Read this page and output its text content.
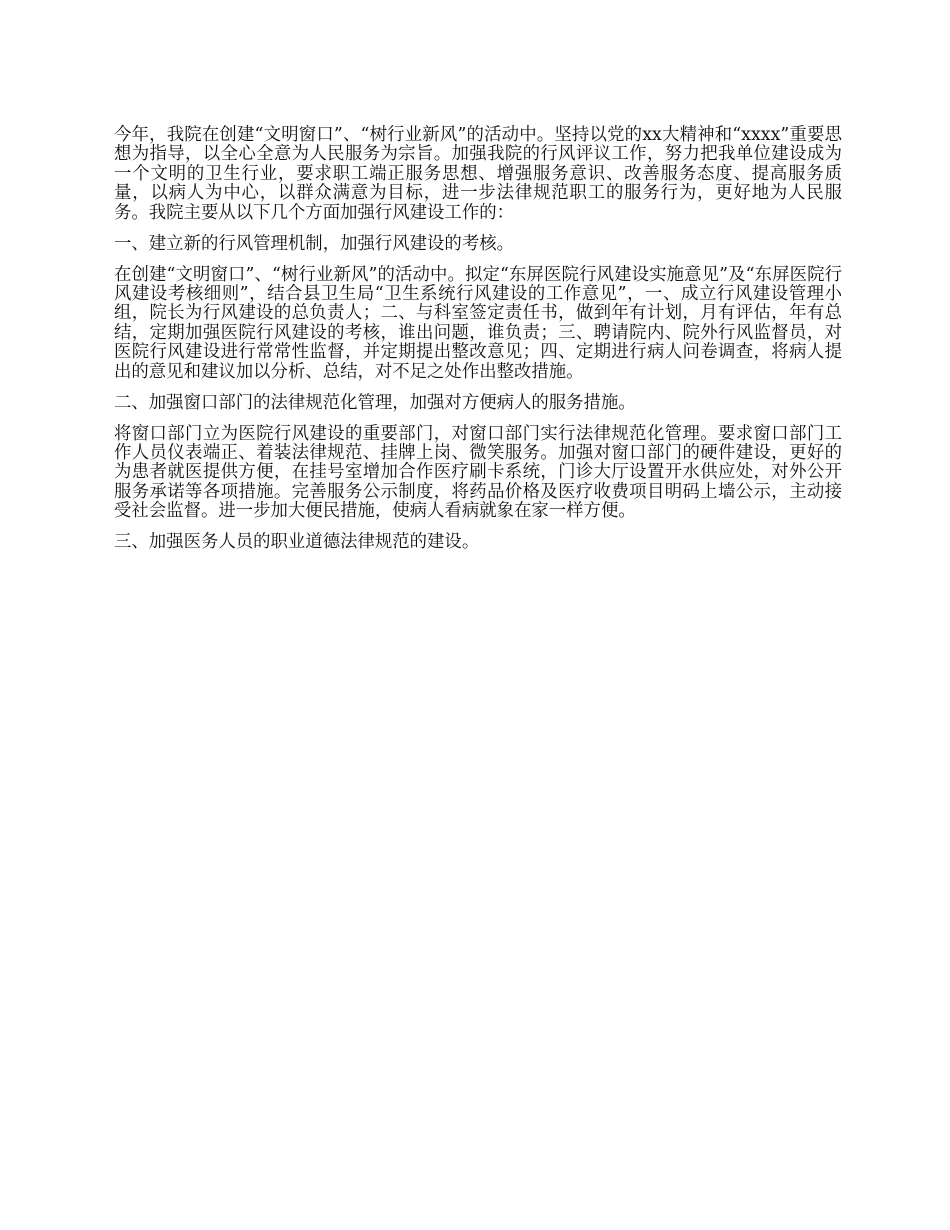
今年，我院在创建“文明窗口”、“树行业新风”的活动中。坚持以党的xx大精神和“xxxx”重要思想为指导，以全心全意为人民服务为宗旨。加强我院的行风评议工作，努力把我单位建设成为一个文明的卫生行业，要求职工端正服务思想、增强服务意识、改善服务态度、提高服务质量，以病人为中心，以群众满意为目标，进一步法律规范职工的服务行为，更好地为人民服务。我院主要从以下几个方面加强行风建设工作的：

一、建立新的行风管理机制，加强行风建设的考核。

在创建“文明窗口”、“树行业新风”的活动中。拟定“东屏医院行风建设实施意见”及“东屏医院行风建设考核细则”，结合县卫生局“卫生系统行风建设的工作意见”，一、成立行风建设管理小组，院长为行风建设的总负责人；二、与科室签定责任书，做到年有计划，月有评估，年有总结，定期加强医院行风建设的考核，谁出问题，谁负责；三、聘请院内、院外行风监督员，对医院行风建设进行常常性监督，并定期提出整改意见；四、定期进行病人问卷调查，将病人提出的意见和建议加以分析、总结，对不足之处作出整改措施。

二、加强窗口部门的法律规范化管理，加强对方便病人的服务措施。

将窗口部门立为医院行风建设的重要部门，对窗口部门实行法律规范化管理。要求窗口部门工作人员仪表端正、着装法律规范、挂牌上岗、微笑服务。加强对窗口部门的硬件建设，更好的为患者就医提供方便，在挂号室增加合作医疗刷卡系统，门诊大厅设置开水供应处，对外公开服务承诺等各项措施。完善服务公示制度，将药品价格及医疗收费项目明码上墙公示，主动接受社会监督。进一步加大便民措施，使病人看病就象在家一样方便。

三、加强医务人员的职业道德法律规范的建设。
